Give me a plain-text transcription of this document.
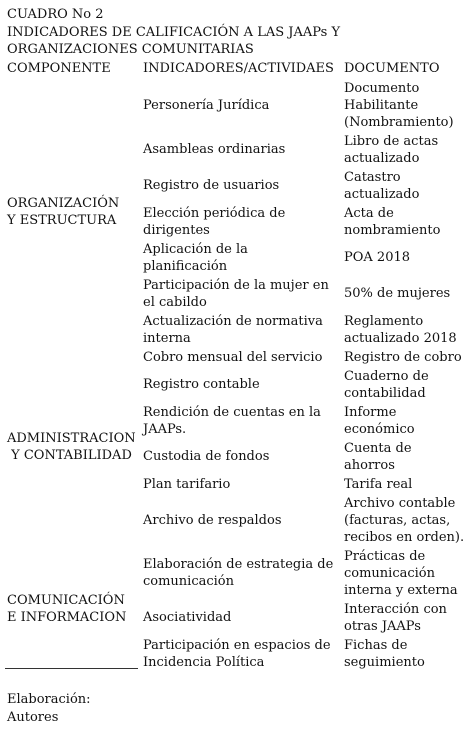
CUADRO No 2
INDICADORES DE CALIFICACIÓN A LAS JAAPs Y
ORGANIZACIONES COMUNITARIAS
COMPONENTE INDICADORES/ACTIVIDAES DOCUMENTO
ORGANIZACIÓN
Y ESTRUCTURA
ADMINISTRACION
Y CONTABILIDAD
COMUNICACIÓN
E INFORMACION
Personería Jurídica
Documento
Habilitante
(Nombramiento)
Asambleas ordinarias
Libro de actas
actualizado
Registro de usuarios
Catastro
actualizado
Elección periódica de
dirigentes
Acta de
nombramiento
Aplicación de la
planificación
POA 2018
Participación de la mujer en
el cabildo
50% de mujeres
Actualización de normativa
interna
Reglamento
actualizado 2018
Cobro mensual del servicio	Registro de cobro
Registro contable
Cuaderno de
contabilidad
Rendición de cuentas en la
JAAPs.
Informe
económico
Custodia de fondos
Cuenta de
ahorros
Plan tarifario	Tarifa real
Archivo de respaldos
Archivo contable
(facturas, actas,
recibos en orden).
Elaboración de estrategia de
comunicación
Prácticas de
comunicación
interna y externa
Asociatividad
Interacción con
otras JAAPs
Participación en espacios de
Incidencia Política
Fichas de
seguimiento
Elaboración:
Autores
